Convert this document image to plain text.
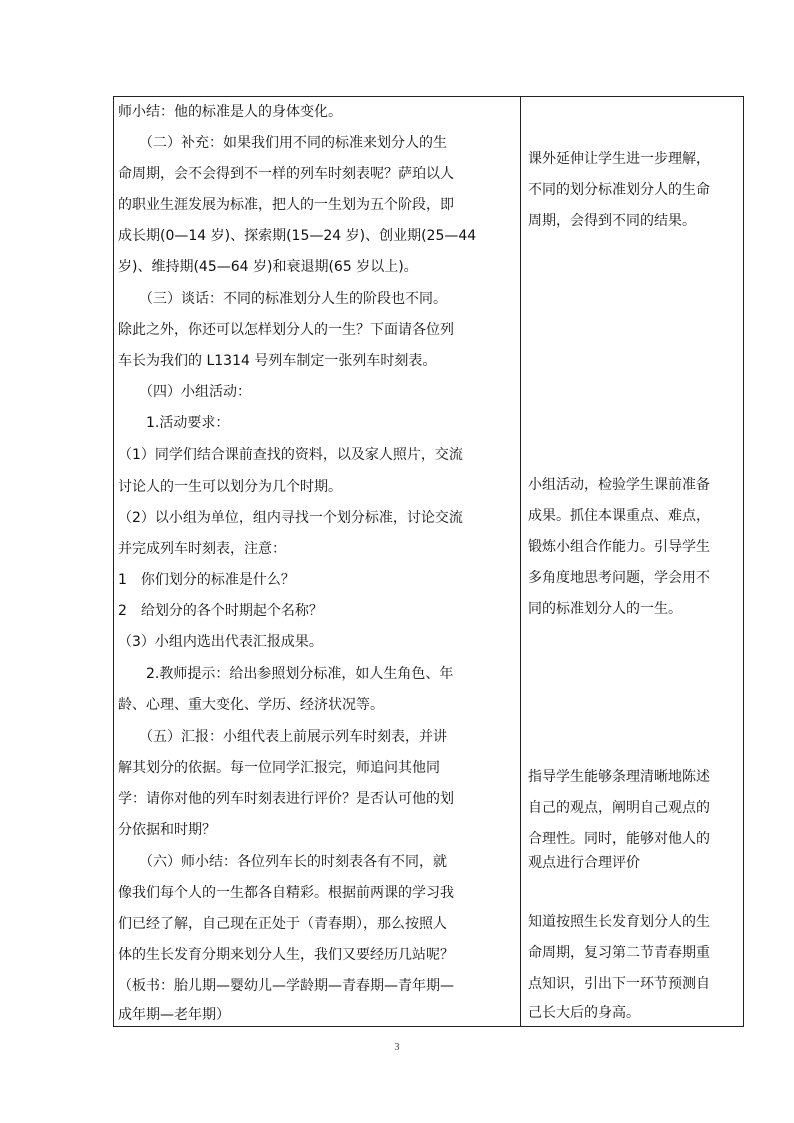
师小结：他的标准是人的身体变化。
　　（二）补充：如果我们用不同的标准来划分人的生
命周期，会不会得到不一样的列车时刻表呢？萨珀以人
的职业生涯发展为标准，把人的一生划为五个阶段，即
成长期(0—14 岁)、探索期(15—24 岁)、创业期(25—44
岁)、维持期(45—64 岁)和衰退期(65 岁以上)。
　　（三）谈话：不同的标准划分人生的阶段也不同。
除此之外，你还可以怎样划分人的一生？下面请各位列
车长为我们的 L1314 号列车制定一张列车时刻表。
　　（四）小组活动：
　　1.活动要求：
（1）同学们结合课前查找的资料，以及家人照片，交流
讨论人的一生可以划分为几个时期。
（2）以小组为单位，组内寻找一个划分标准，讨论交流
并完成列车时刻表，注意：
1　你们划分的标准是什么？
2　给划分的各个时期起个名称？
（3）小组内选出代表汇报成果。
　　2.教师提示：给出参照划分标准，如人生角色、年
龄、心理、重大变化、学历、经济状况等。
　　（五）汇报：小组代表上前展示列车时刻表，并讲
解其划分的依据。每一位同学汇报完，师追问其他同
学：请你对他的列车时刻表进行评价？是否认可他的划
分依据和时期？
　　（六）师小结：各位列车长的时刻表各有不同，就
像我们每个人的一生都各自精彩。根据前两课的学习我
们已经了解，自己现在正处于（青春期），那么按照人
体的生长发育分期来划分人生，我们又要经历几站呢？
（板书：胎儿期—婴幼儿—学龄期—青春期—青年期—
成年期—老年期）
课外延伸让学生进一步理解，
不同的划分标准划分人的生命
周期，会得到不同的结果。
小组活动，检验学生课前准备
成果。抓住本课重点、难点，
锻炼小组合作能力。引导学生
多角度地思考问题，学会用不
同的标准划分人的一生。
指导学生能够条理清晰地陈述
自己的观点，阐明自己观点的
合理性。同时，能够对他人的
观点进行合理评价
知道按照生长发育划分人的生
命周期，复习第二节青春期重
点知识，引出下一环节预测自
己长大后的身高。
3
